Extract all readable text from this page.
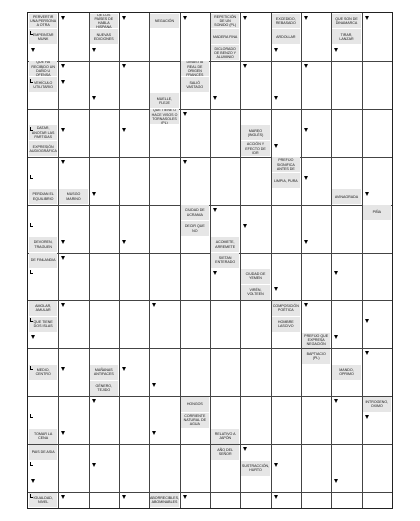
PERVERTIR UNA PERSONA A OTRA
DE LOS PAÍSES DE HABLA HISPANA
NEGACIÓN
REPETICIÓN DE UN SONIDO (PL)
EXCEDIDO, REBASADO
QUE SON DE DINAMARCA
EMPEINTAR MUNK
NUEVAS EDICIONES
MADERA FINA	ARDOLLAR
TIRAR, LANZAR
DICLORADO DE BENZO Y ALUMINIO
QUE HA RECIBIDO UN DAÑO U OFENSA
DINASTÍA REAL DE ORIGEN FRANCÉS
VEHÍCULO UTILITARIO
SALIÓ VASTAGO
MUELLE, FLEJE
QUE TIENE O HACE VISOS O TORNASOLES (PL)
DATAR, ANOTAR LAS PARTIDAS
MAREO (INGLÉS)
EXPRESIÓN AUDIOGRÁFICA
ACCIÓN Y EFECTO DE IDR
PREFIJO SIGNIFICA ANTES DE
LIMPIA, PURA
PERDIAN EL EQUILIBRIO
MUSGO MARINO
AVINAGRADA
CIUDAD DE UCRANIA
PIÑA
DECIR QUE NO
DEVOREN, TRAGUEN
ACOMETE, ARREMETE
DE FINLANDIA
SIETAN ENTERADO
CIUDAD DE YEMEN
VIRÉN, VOLTEEN
AMOLAR, AMULAR
COMPOSICIÓN POÉTICA
QUE TIENE DOS ISLAS
HOMBRE LASCIVO
PREFIJO QUE EXPRESA NEGACIÓN
BAPTIACIO (PL)
MEDIO, CENTRO
MAÑANAS ANTIFACES
MANDO, OPRIMO
GÉNERO, TEJIDO
HONGOS
INTROGENO, OXIMO
CORRIENTE NATURAL DE AGUA
TOMAR LA CENA
RELATIVO A JAPÓN
PAIS DE ASIA
AÑO DEL SEÑOR
SUSTRACCIÓN, HURTO
IGUALDAD, NIVEL
ABORRECIBLES, ABOMINABLES
